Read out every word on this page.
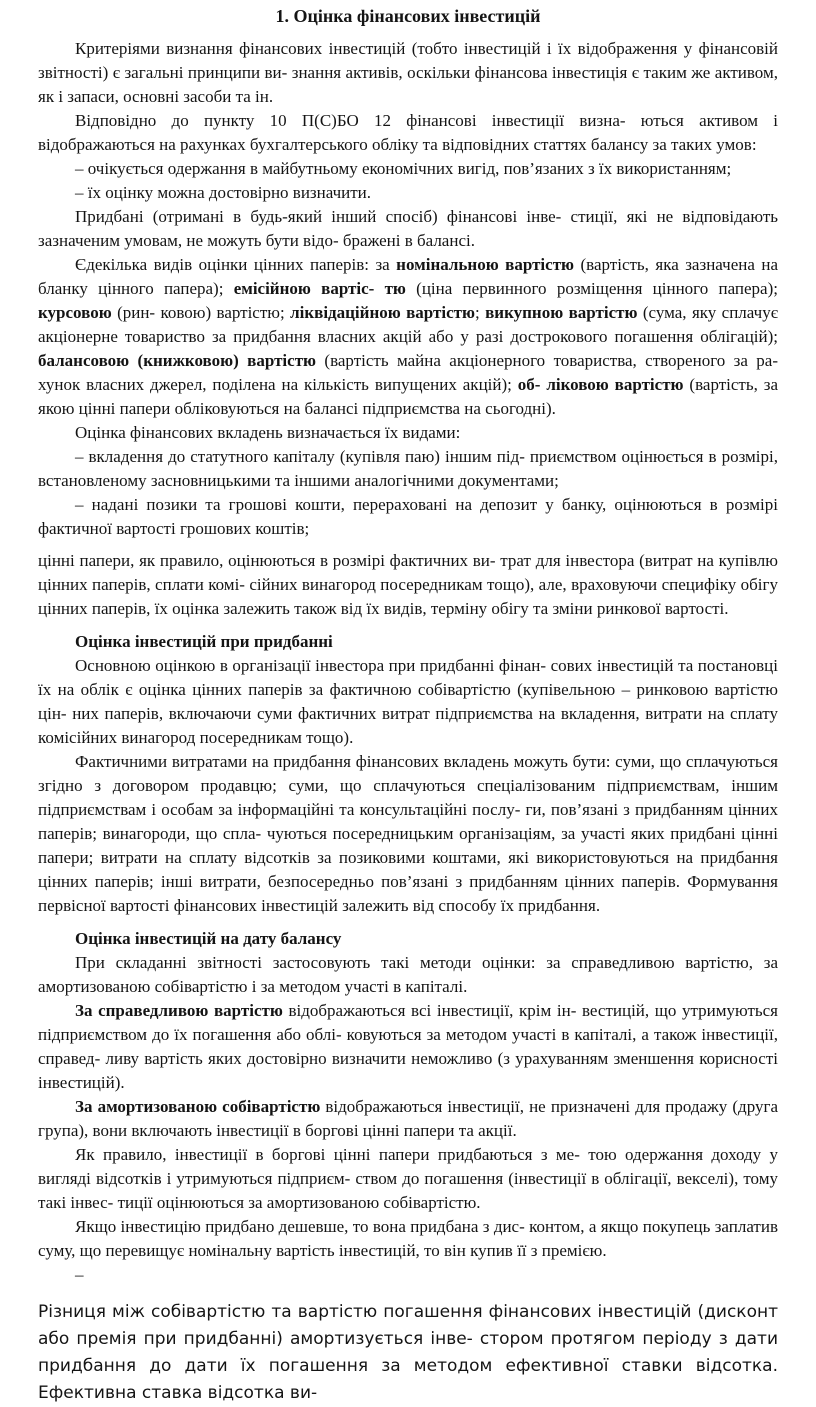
1. Оцінка фінансових інвестицій

Критеріями визнання фінансових інвестицій (тобто інвестицій і їх відображення у фінансовій звітності) є загальні принципи ви- знання активів, оскільки фінансова інвестиція є таким же активом, як і запаси, основні засоби та ін.

Відповідно до пункту 10 П(С)БО 12 фінансові інвестиції визна- ються активом і відображаються на рахунках бухгалтерського обліку та відповідних статтях балансу за таких умов:

– очікується одержання в майбутньому економічних вигід, пов’язаних з їх використанням;

– їх оцінку можна достовірно визначити.

Придбані (отримані в будь-який інший спосіб) фінансові інве- стиції, які не відповідають зазначеним умовам, не можуть бути відо- бражені в балансі.

Єдекілька видів оцінки цінних паперів: за номінальною вартістю (вартість, яка зазначена на бланку цінного папера); емісійною вартіс- тю (ціна первинного розміщення цінного папера); курсовою (рин- ковою) вартістю; ліквідаційною вартістю; викупною вартістю (сума, яку сплачує акціонерне товариство за придбання власних акцій або у разі дострокового погашення облігацій); балансовою (книжковою) вартістю (вартість майна акціонерного товариства, створеного за ра- хунок власних джерел, поділена на кількість випущених акцій); об- ліковою вартістю (вартість, за якою цінні папери обліковуються на балансі підприємства на сьогодні).

Оцінка фінансових вкладень визначається їх видами:

– вкладення до статутного капіталу (купівля паю) іншим під- приємством оцінюється в розмірі, встановленому засновницькими та іншими аналогічними документами;

– надані позики та грошові кошти, перераховані на депозит у банку, оцінюються в розмірі фактичної вартості грошових коштів;

цінні папери, як правило, оцінюються в розмірі фактичних ви- трат для інвестора (витрат на купівлю цінних паперів, сплати комі- сійних винагород посередникам тощо), але, враховуючи специфіку обігу цінних паперів, їх оцінка залежить також від їх видів, терміну обігу та зміни ринкової вартості.

Оцінка інвестицій при придбанні

Основною оцінкою в організації інвестора при придбанні фінан- сових інвестицій та постановці їх на облік є оцінка цінних паперів за фактичною собівартістю (купівельною – ринковою вартістю цін- них паперів, включаючи суми фактичних витрат підприємства на вкладення, витрати на сплату комісійних винагород посередникам тощо).

Фактичними витратами на придбання фінансових вкладень можуть бути: суми, що сплачуються згідно з договором продавцю; суми, що сплачуються спеціалізованим підприємствам, іншим підприємствам і особам за інформаційні та консультаційні послу- ги, пов’язані з придбанням цінних паперів; винагороди, що спла- чуються посередницьким організаціям, за участі яких придбані цінні папери; витрати на сплату відсотків за позиковими коштами, які використовуються на придбання цінних паперів; інші витрати, безпосередньо пов’язані з придбанням цінних паперів. Формування первісної вартості фінансових інвестицій залежить від способу їх придбання.

Оцінка інвестицій на дату балансу

При складанні звітності застосовують такі методи оцінки: за справедливою вартістю, за амортизованою собівартістю і за методом участі в капіталі.

За справедливою вартістю відображаються всі інвестиції, крім ін- вестицій, що утримуються підприємством до їх погашення або облі- ковуються за методом участі в капіталі, а також інвестиції, справед- ливу вартість яких достовірно визначити неможливо (з урахуванням зменшення корисності інвестицій).

За амортизованою собівартістю відображаються інвестиції, не призначені для продажу (друга група), вони включають інвестиції в боргові цінні папери та акції.

Як правило, інвестиції в боргові цінні папери придбаються з ме- тою одержання доходу у вигляді відсотків і утримуються підприєм- ством до погашення (інвестиції в облігації, векселі), тому такі інвес- тиції оцінюються за амортизованою собівартістю.

Якщо інвестицію придбано дешевше, то вона придбана з дис- контом, а якщо покупець заплатив суму, що перевищує номінальну вартість інвестицій, то він купив її з премією.

–

Різниця між собівартістю та вартістю погашення фінансових інвестицій (дисконт або премія при придбанні) амортизується інве- стором протягом періоду з дати придбання до дати їх погашення за методом ефективної ставки відсотка. Ефективна ставка відсотка ви-
